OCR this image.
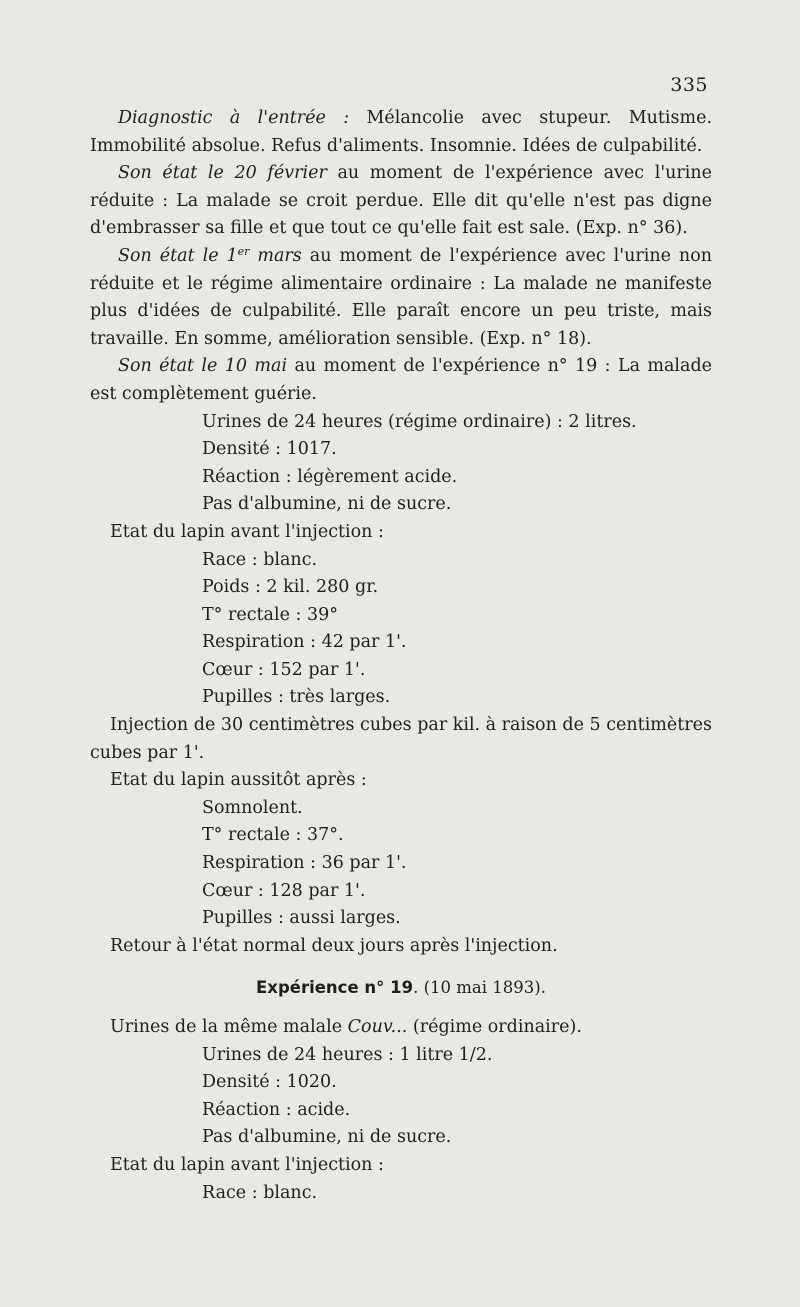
335

Diagnostic à l'entrée : Mélancolie avec stupeur. Mutisme. Immobilité absolue. Refus d'aliments. Insomnie. Idées de culpabilité.

Son état le 20 février au moment de l'expérience avec l'urine réduite : La malade se croit perdue. Elle dit qu'elle n'est pas digne d'embrasser sa fille et que tout ce qu'elle fait est sale. (Exp. n° 36).

Son état le 1er mars au moment de l'expérience avec l'urine non réduite et le régime alimentaire ordinaire : La malade ne manifeste plus d'idées de culpabilité. Elle paraît encore un peu triste, mais travaille. En somme, amélioration sensible. (Exp. n° 18).

Son état le 10 mai au moment de l'expérience n° 19 : La malade est complètement guérie.

Urines de 24 heures (régime ordinaire) : 2 litres.

Densité : 1017.

Réaction : légèrement acide.

Pas d'albumine, ni de sucre.

Etat du lapin avant l'injection :

Race : blanc.

Poids : 2 kil. 280 gr.

T° rectale : 39°

Respiration : 42 par 1'.

Cœur : 152 par 1'.

Pupilles : très larges.

Injection de 30 centimètres cubes par kil. à raison de 5 centimètres cubes par 1'.

Etat du lapin aussitôt après :

Somnolent.

T° rectale : 37°.

Respiration : 36 par 1'.

Cœur : 128 par 1'.

Pupilles : aussi larges.

Retour à l'état normal deux jours après l'injection.

Expérience n° 19. (10 mai 1893).

Urines de la même malale Couv... (régime ordinaire).

Urines de 24 heures : 1 litre 1/2.

Densité : 1020.

Réaction : acide.

Pas d'albumine, ni de sucre.

Etat du lapin avant l'injection :

Race : blanc.
